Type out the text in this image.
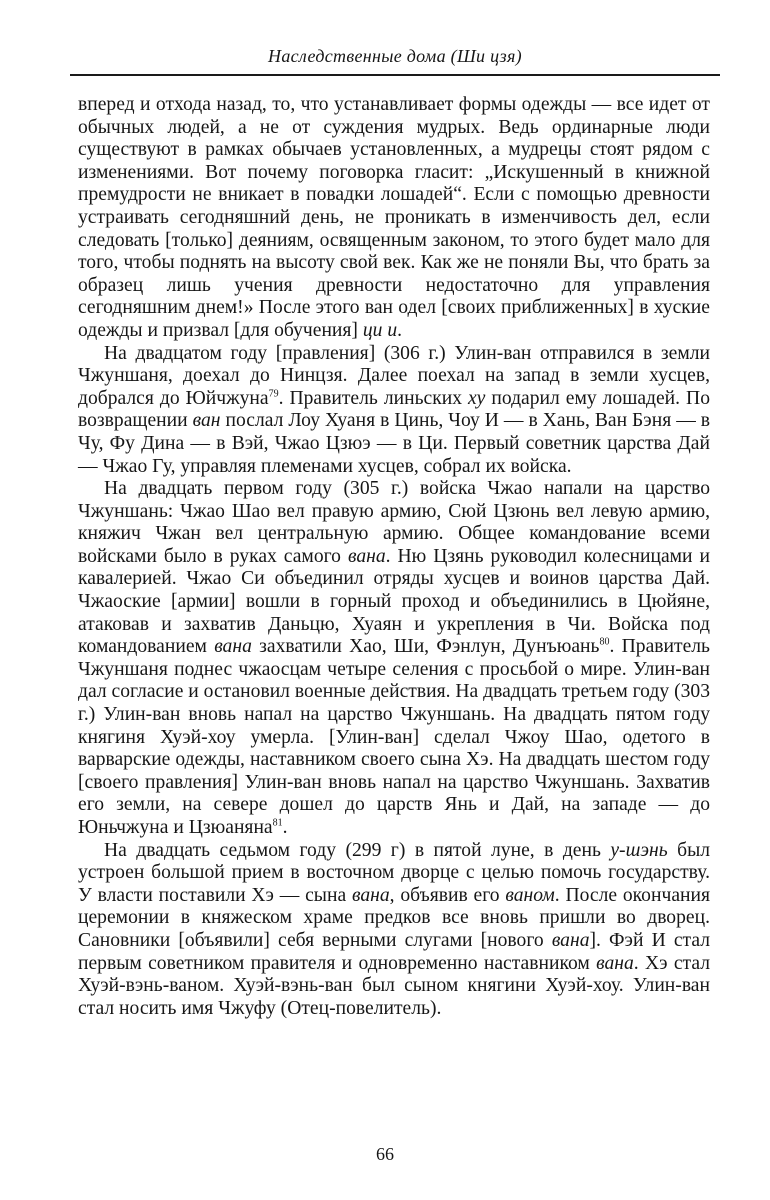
Наследственные дома (Ши цзя)

вперед и отхода назад, то, что устанавливает формы одежды — все идет от обычных людей, а не от суждения мудрых. Ведь ординарные люди существуют в рамках обычаев установленных, а мудрецы стоят рядом с изменениями. Вот почему поговорка гласит: „Искушенный в книжной премудрости не вникает в повадки лошадей“. Если с помощью древности устраивать сегодняшний день, не проникать в изменчивость дел, если следовать [только] деяниям, освященным законом, то этого будет мало для того, чтобы поднять на высоту свой век. Как же не поняли Вы, что брать за образец лишь учения древности недостаточно для управления сегодняшним днем!» После этого ван одел [своих приближенных] в хуские одежды и призвал [для обучения] ци и.

На двадцатом году [правления] (306 г.) Улин-ван отправился в земли Чжуншаня, доехал до Нинцзя. Далее поехал на запад в земли хусцев, добрался до Юйчжуна$^{79}$. Правитель линьских ху подарил ему лошадей. По возвращении ван послал Лоу Хуаня в Цинь, Чоу И — в Хань, Ван Бэня — в Чу, Фу Дина — в Вэй, Чжао Цзюэ — в Ци. Первый советник царства Дай — Чжао Гу, управляя племенами хусцев, собрал их войска.

На двадцать первом году (305 г.) войска Чжао напали на царство Чжуншань: Чжао Шао вел правую армию, Сюй Цзюнь вел левую армию, княжич Чжан вел центральную армию. Общее командование всеми войсками было в руках самого вана. Ню Цзянь руководил колесницами и кавалерией. Чжао Си объединил отряды хусцев и воинов царства Дай. Чжаоские [армии] вошли в горный проход и объединились в Цюйяне, атаковав и захватив Даньцю, Хуаян и укрепления в Чи. Войска под командованием вана захватили Хао, Ши, Фэнлун, Дунъюань$^{80}$. Правитель Чжуншаня поднес чжаосцам четыре селения с просьбой о мире. Улин-ван дал согласие и остановил военные действия. На двадцать третьем году (303 г.) Улин-ван вновь напал на царство Чжуншань. На двадцать пятом году княгиня Хуэй-хоу умерла. [Улин-ван] сделал Чжоу Шао, одетого в варварские одежды, наставником своего сына Хэ. На двадцать шестом году [своего правления] Улин-ван вновь напал на царство Чжуншань. Захватив его земли, на севере дошел до царств Янь и Дай, на западе — до Юньчжуна и Цзюаняна$^{81}$.

На двадцать седьмом году (299 г) в пятой луне, в день у-шэнь был устроен большой прием в восточном дворце с целью помочь государству. У власти поставили Хэ — сына вана, объявив его ваном. После окончания церемонии в княжеском храме предков все вновь пришли во дворец. Сановники [объявили] себя верными слугами [нового вана]. Фэй И стал первым советником правителя и одновременно наставником вана. Хэ стал Хуэй-вэнь-ваном. Хуэй-вэнь-ван был сыном княгини Хуэй-хоу. Улин-ван стал носить имя Чжуфу (Отец-повелитель).

66
